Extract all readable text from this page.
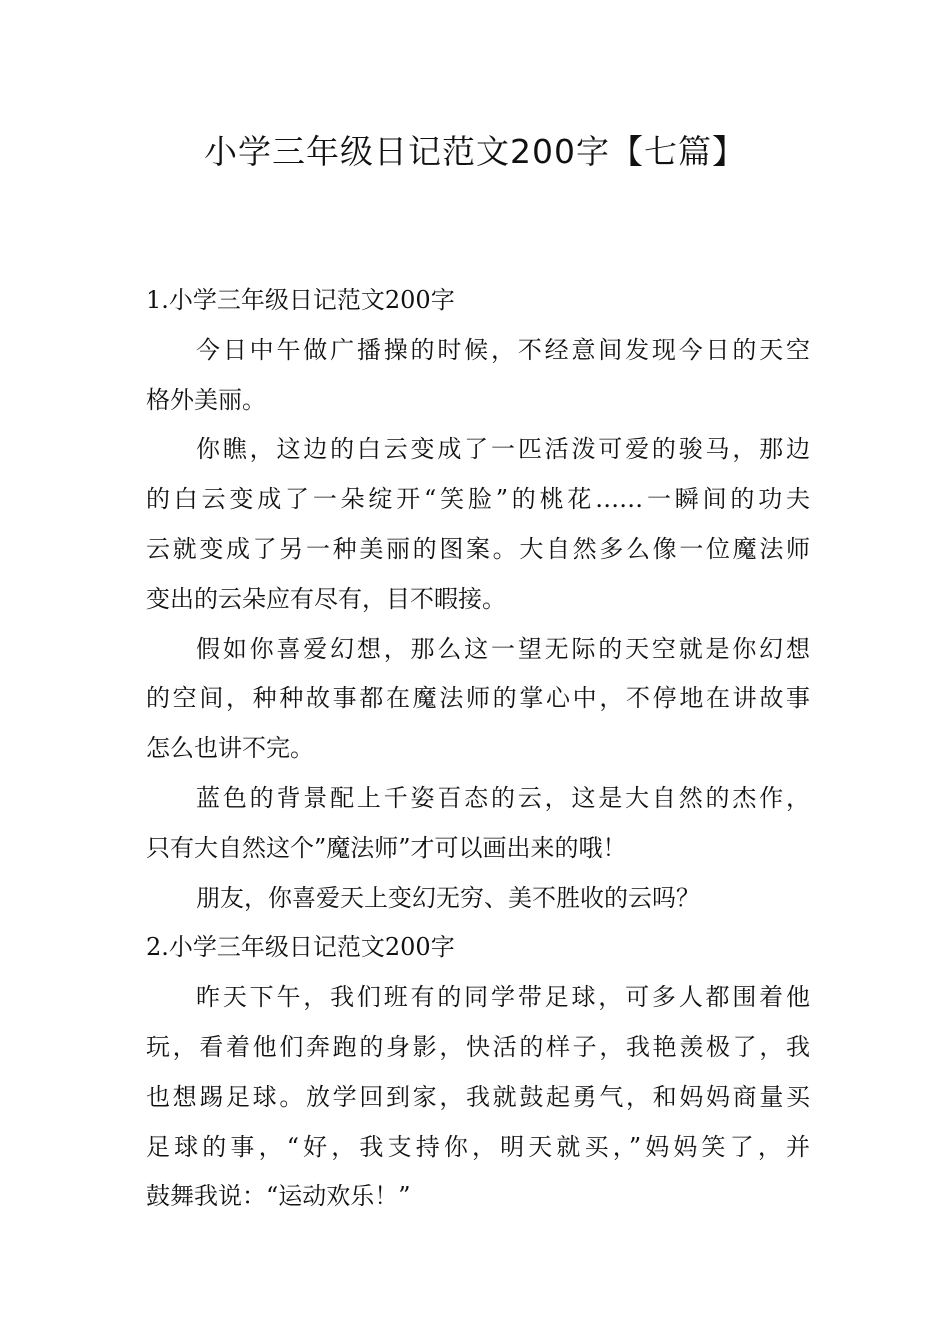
小学三年级日记范文200字【七篇】
1.小学三年级日记范文200字
今日中午做广播操的时候，不经意间发现今日的天空
格外美丽。
你瞧，这边的白云变成了一匹活泼可爱的骏马，那边
的白云变成了一朵绽开“笑脸”的桃花……一瞬间的功夫
云就变成了另一种美丽的图案。大自然多么像一位魔法师
变出的云朵应有尽有，目不暇接。
假如你喜爱幻想，那么这一望无际的天空就是你幻想
的空间，种种故事都在魔法师的掌心中，不停地在讲故事
怎么也讲不完。
蓝色的背景配上千姿百态的云，这是大自然的杰作，
只有大自然这个”魔法师”才可以画出来的哦！
朋友，你喜爱天上变幻无穷、美不胜收的云吗？
2.小学三年级日记范文200字
昨天下午，我们班有的同学带足球，可多人都围着他
玩，看着他们奔跑的身影，快活的样子，我艳羡极了，我
也想踢足球。放学回到家，我就鼓起勇气，和妈妈商量买
足球的事，“好，我支持你，明天就买，”妈妈笑了，并
鼓舞我说：“运动欢乐！”
